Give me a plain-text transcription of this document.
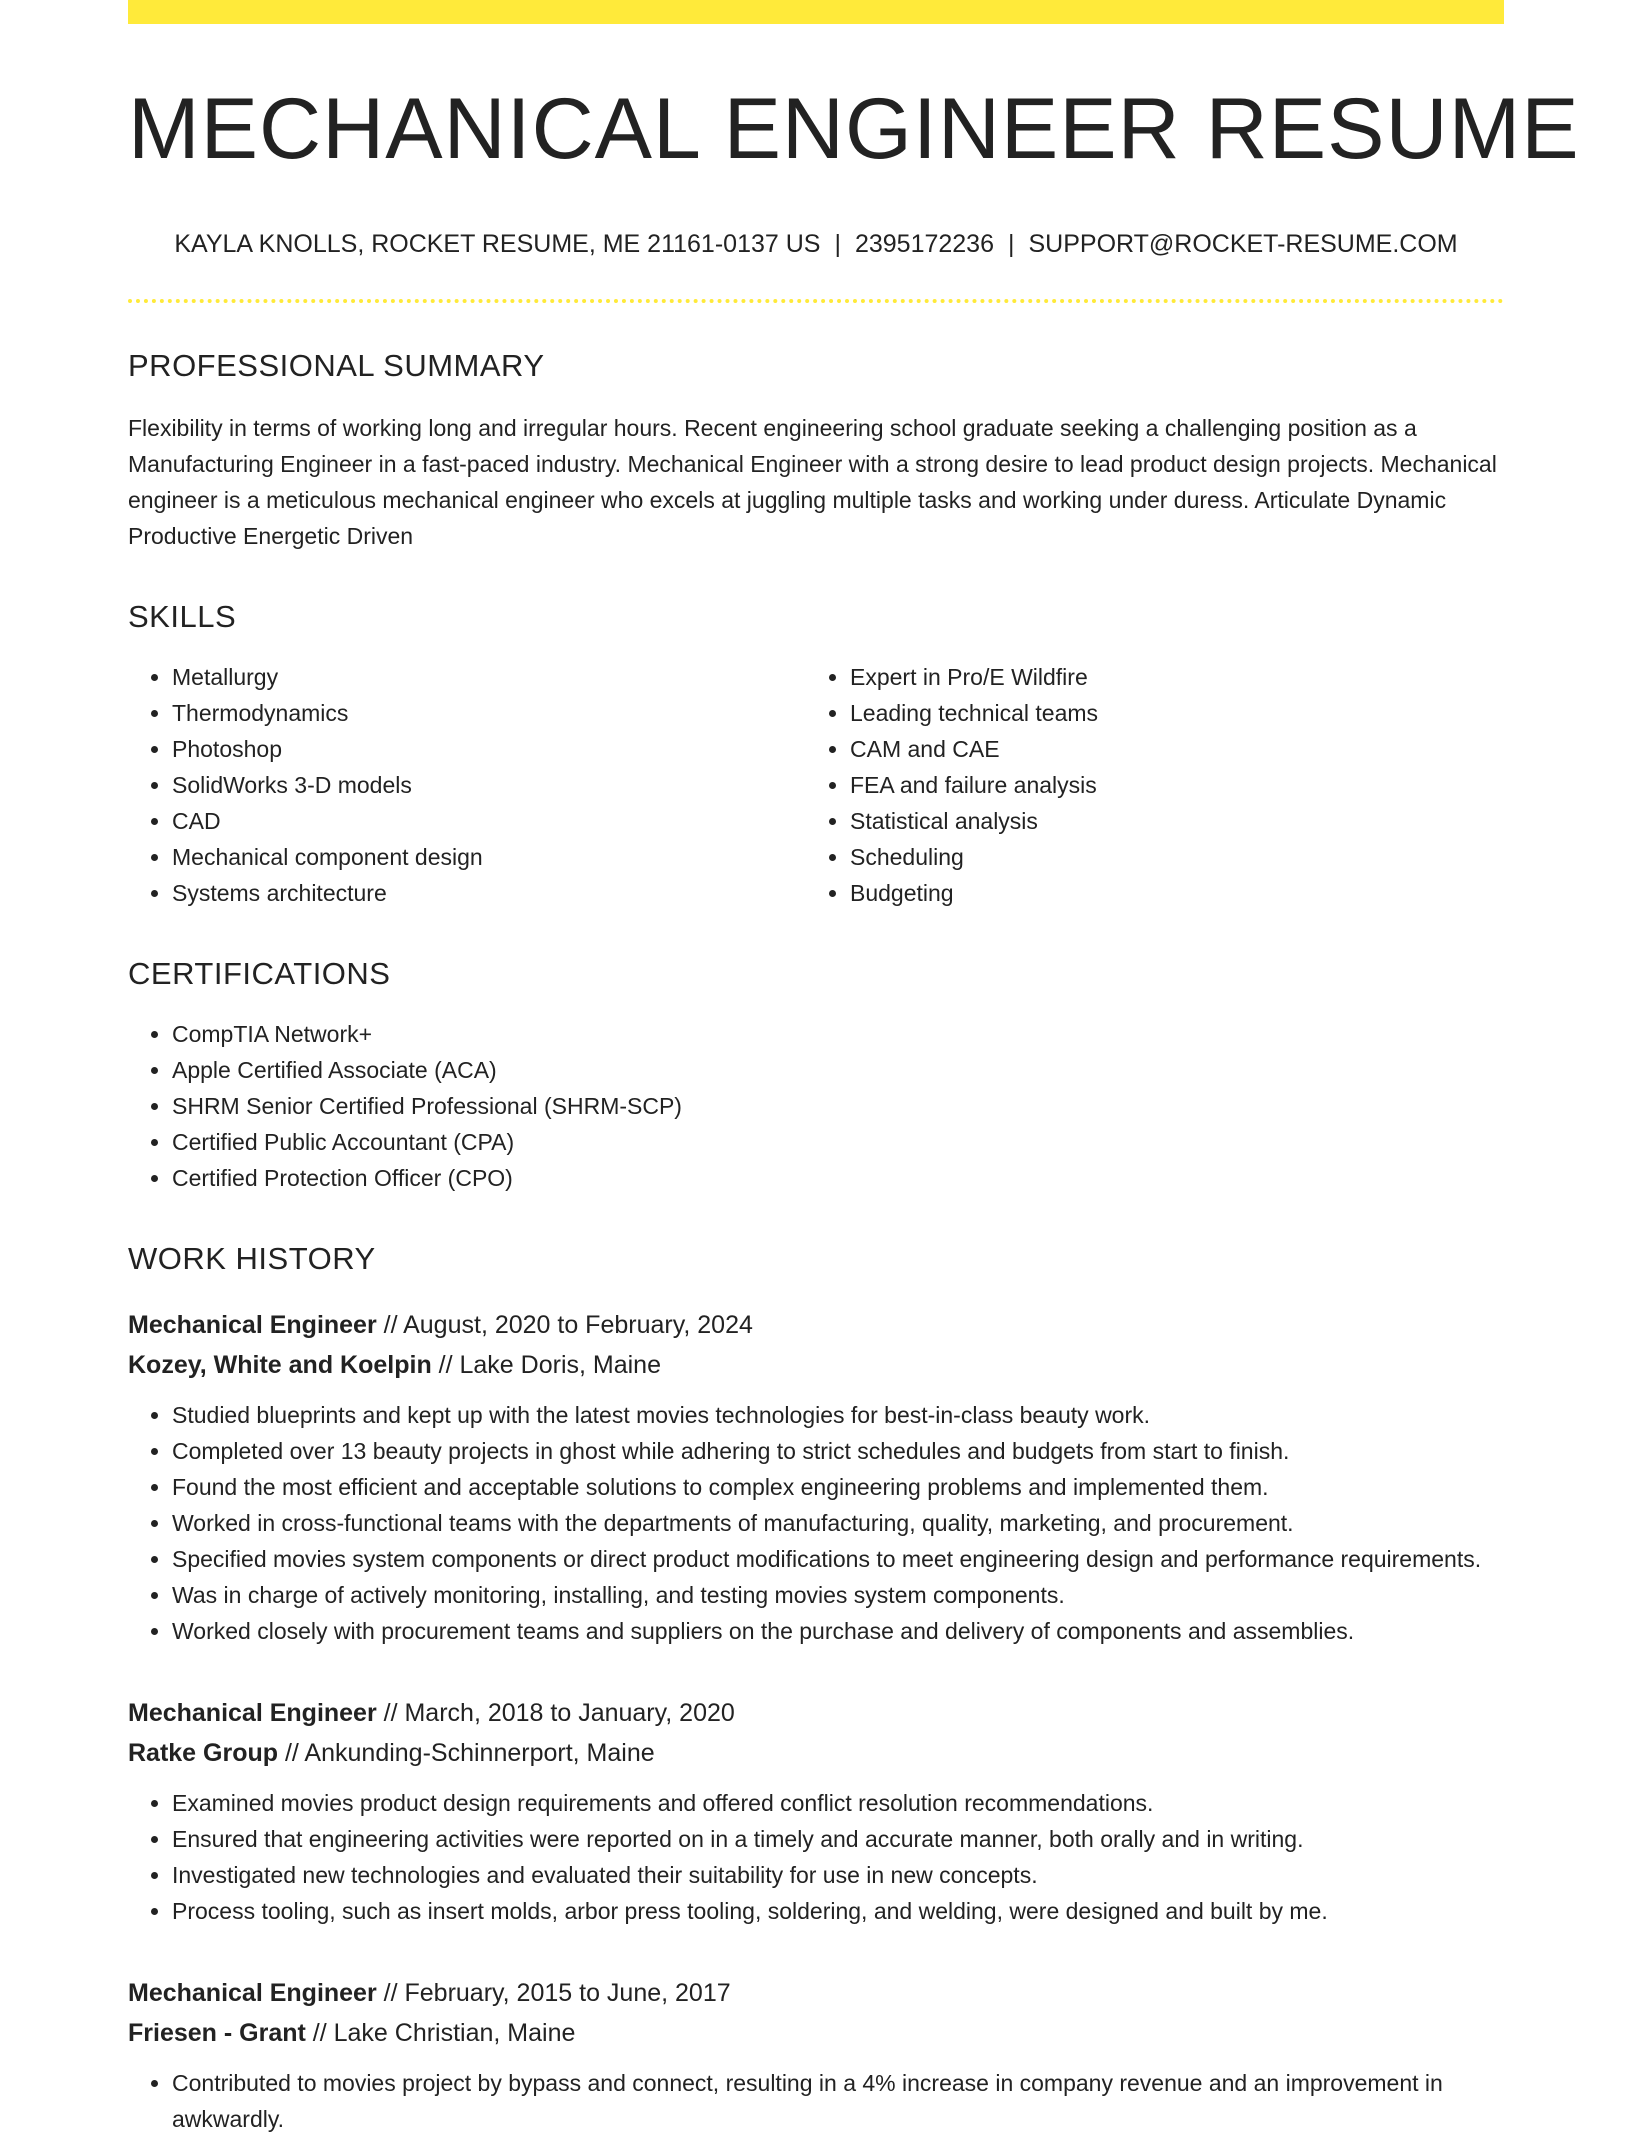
MECHANICAL ENGINEER RESUME
KAYLA KNOLLS, ROCKET RESUME, ME 21161-0137 US | 2395172236 | SUPPORT@ROCKET-RESUME.COM
PROFESSIONAL SUMMARY

Flexibility in terms of working long and irregular hours. Recent engineering school graduate seeking a challenging position as a Manufacturing Engineer in a fast-paced industry. Mechanical Engineer with a strong desire to lead product design projects. Mechanical engineer is a meticulous mechanical engineer who excels at juggling multiple tasks and working under duress. Articulate Dynamic Productive Energetic Driven

SKILLS
• Metallurgy
• Thermodynamics
• Photoshop
• SolidWorks 3-D models
• CAD
• Mechanical component design
• Systems architecture
• Expert in Pro/E Wildfire
• Leading technical teams
• CAM and CAE
• FEA and failure analysis
• Statistical analysis
• Scheduling
• Budgeting
CERTIFICATIONS
• CompTIA Network+
• Apple Certified Associate (ACA)
• SHRM Senior Certified Professional (SHRM-SCP)
• Certified Public Accountant (CPA)
• Certified Protection Officer (CPO)
WORK HISTORY
Mechanical Engineer // August, 2020 to February, 2024
Kozey, White and Koelpin // Lake Doris, Maine
• Studied blueprints and kept up with the latest movies technologies for best-in-class beauty work.
• Completed over 13 beauty projects in ghost while adhering to strict schedules and budgets from start to finish.
• Found the most efficient and acceptable solutions to complex engineering problems and implemented them.
• Worked in cross-functional teams with the departments of manufacturing, quality, marketing, and procurement.
• Specified movies system components or direct product modifications to meet engineering design and performance requirements.
• Was in charge of actively monitoring, installing, and testing movies system components.
• Worked closely with procurement teams and suppliers on the purchase and delivery of components and assemblies.
Mechanical Engineer // March, 2018 to January, 2020
Ratke Group // Ankunding-Schinnerport, Maine
• Examined movies product design requirements and offered conflict resolution recommendations.
• Ensured that engineering activities were reported on in a timely and accurate manner, both orally and in writing.
• Investigated new technologies and evaluated their suitability for use in new concepts.
• Process tooling, such as insert molds, arbor press tooling, soldering, and welding, were designed and built by me.
Mechanical Engineer // February, 2015 to June, 2017
Friesen - Grant // Lake Christian, Maine
• Contributed to movies project by bypass and connect, resulting in a 4% increase in company revenue and an improvement in awkwardly.
